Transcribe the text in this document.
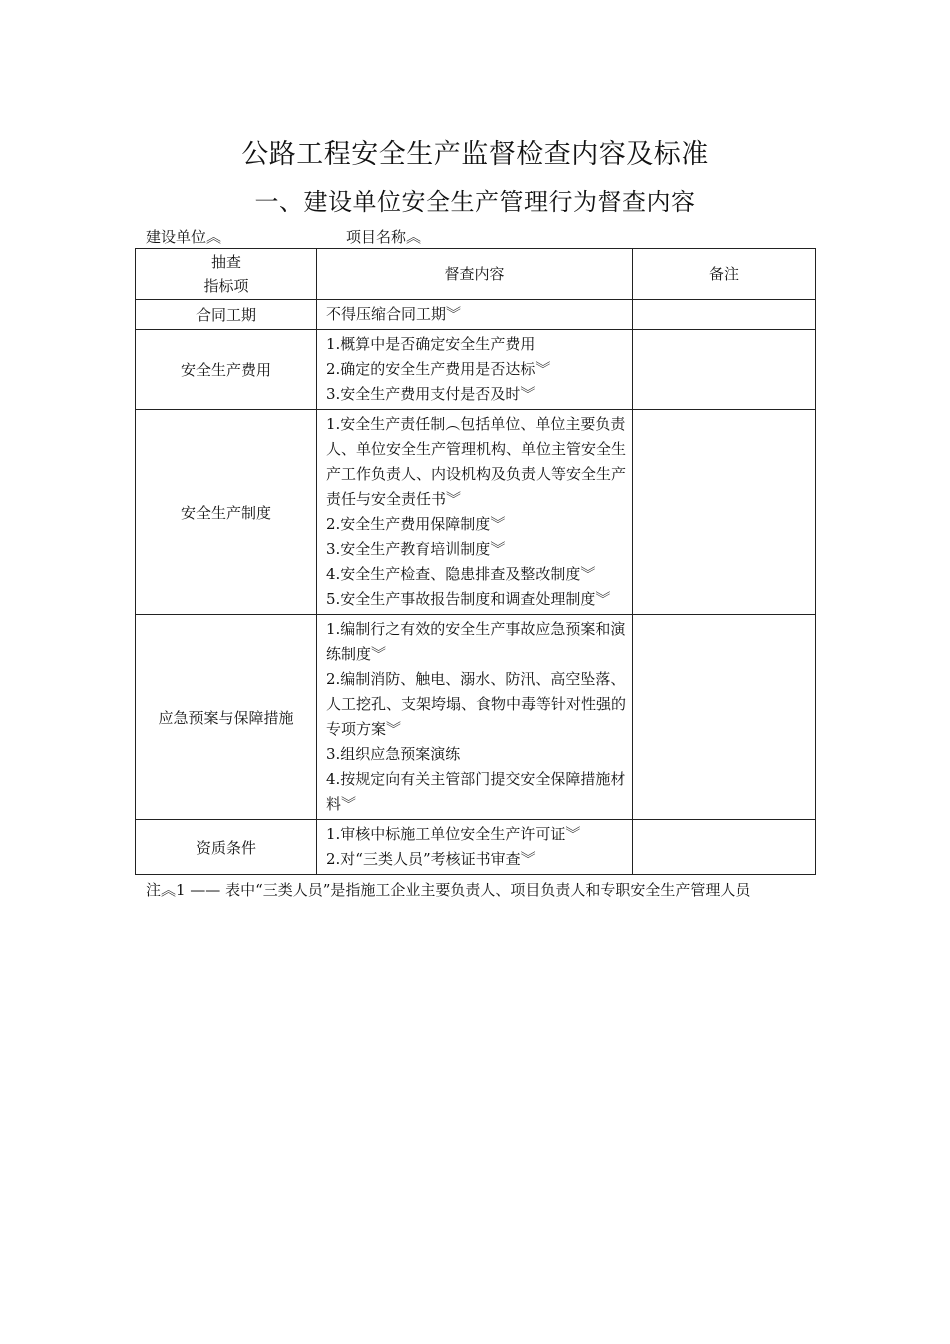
公路工程安全生产监督检查内容及标准
一、建设单位安全生产管理行为督查内容
建设单位︽	项目名称︽
抽查
指标项	督查内容	备注
合同工期	不得压缩合同工期︾	

安全生产费用	1.概算中是否确定安全生产费用
2.确定的安全生产费用是否达标︾
3.安全生产费用支付是否及时︾	

安全生产制度	1.安全生产责任制︵包括单位、单位主要负责人、单位安全生产管理机构、单位主管安全生产工作负责人、内设机构及负责人等安全生产责任与安全责任书︾
2.安全生产费用保障制度︾
3.安全生产教育培训制度︾
4.安全生产检查、隐患排查及整改制度︾
5.安全生产事故报告制度和调查处理制度︾	

应急预案与保障措施	1.编制行之有效的安全生产事故应急预案和演练制度︾
2.编制消防、触电、溺水、防汛、高空坠落、人工挖孔、支架垮塌、食物中毒等针对性强的专项方案︾
3.组织应急预案演练
4.按规定向有关主管部门提交安全保障措施材料︾	

资质条件	1.审核中标施工单位安全生产许可证︾
2.对“三类人员”考核证书审查︾	

注︽1 —— 表中“三类人员”是指施工企业主要负责人、项目负责人和专职安全生产管理人员
